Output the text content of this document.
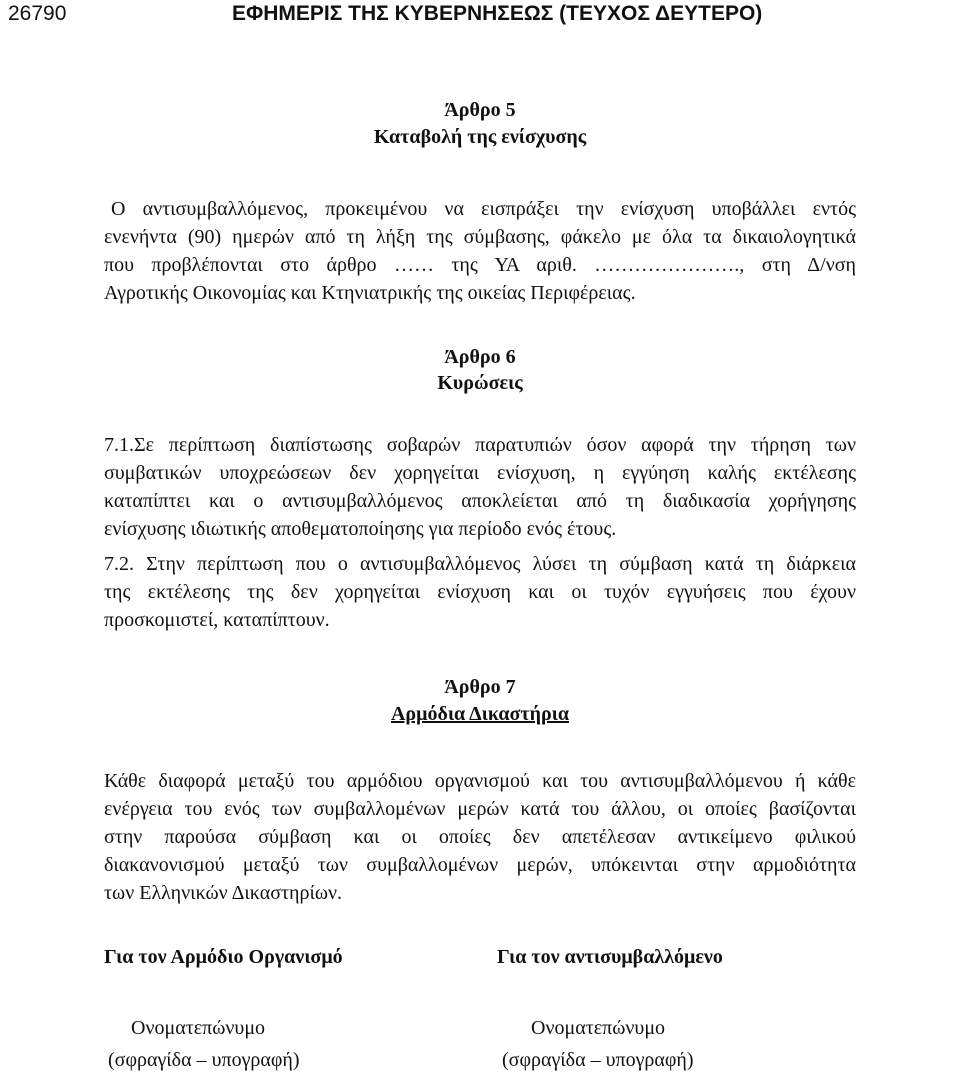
26790	ΕΦΗΜΕΡΙΣ ΤΗΣ ΚΥΒΕΡΝΗΣΕΩΣ (ΤΕΥΧΟΣ ΔΕΥΤΕΡΟ)
Άρθρο 5
Καταβολή της ενίσχυσης
Ο αντισυμβαλλόμενος, προκειμένου να εισπράξει την ενίσχυση υποβάλλει εντός
ενενήντα (90) ημερών από τη λήξη της σύμβασης, φάκελο με όλα τα δικαιολογητικά
που προβλέπονται στο άρθρο …… της ΥΑ αριθ. …………………., στη Δ/νση
Αγροτικής Οικονομίας και Κτηνιατρικής της οικείας Περιφέρειας.
Άρθρο 6
Κυρώσεις
7.1.Σε περίπτωση διαπίστωσης σοβαρών παρατυπιών όσον αφορά την τήρηση των
συμβατικών υποχρεώσεων δεν χορηγείται ενίσχυση, η εγγύηση καλής εκτέλεσης
καταπίπτει και ο αντισυμβαλλόμενος αποκλείεται από τη διαδικασία χορήγησης
ενίσχυσης ιδιωτικής αποθεματοποίησης για περίοδο ενός έτους.
7.2. Στην περίπτωση που ο αντισυμβαλλόμενος λύσει τη σύμβαση κατά τη διάρκεια
της εκτέλεσης της δεν χορηγείται ενίσχυση και οι τυχόν εγγυήσεις που έχουν
προσκομιστεί, καταπίπτουν.
Άρθρο 7
Αρμόδια Δικαστήρια
Κάθε διαφορά μεταξύ του αρμόδιου οργανισμού και του αντισυμβαλλόμενου ή κάθε
ενέργεια του ενός των συμβαλλομένων μερών κατά του άλλου, οι οποίες βασίζονται
στην παρούσα σύμβαση και οι οποίες δεν απετέλεσαν αντικείμενο φιλικού
διακανονισμού μεταξύ των συμβαλλομένων μερών, υπόκεινται στην αρμοδιότητα
των Ελληνικών Δικαστηρίων.
Για τον Αρμόδιο Οργανισμό	Για τον αντισυμβαλλόμενο
Ονοματεπώνυμο	Ονοματεπώνυμο
(σφραγίδα – υπογραφή)	(σφραγίδα – υπογραφή)
